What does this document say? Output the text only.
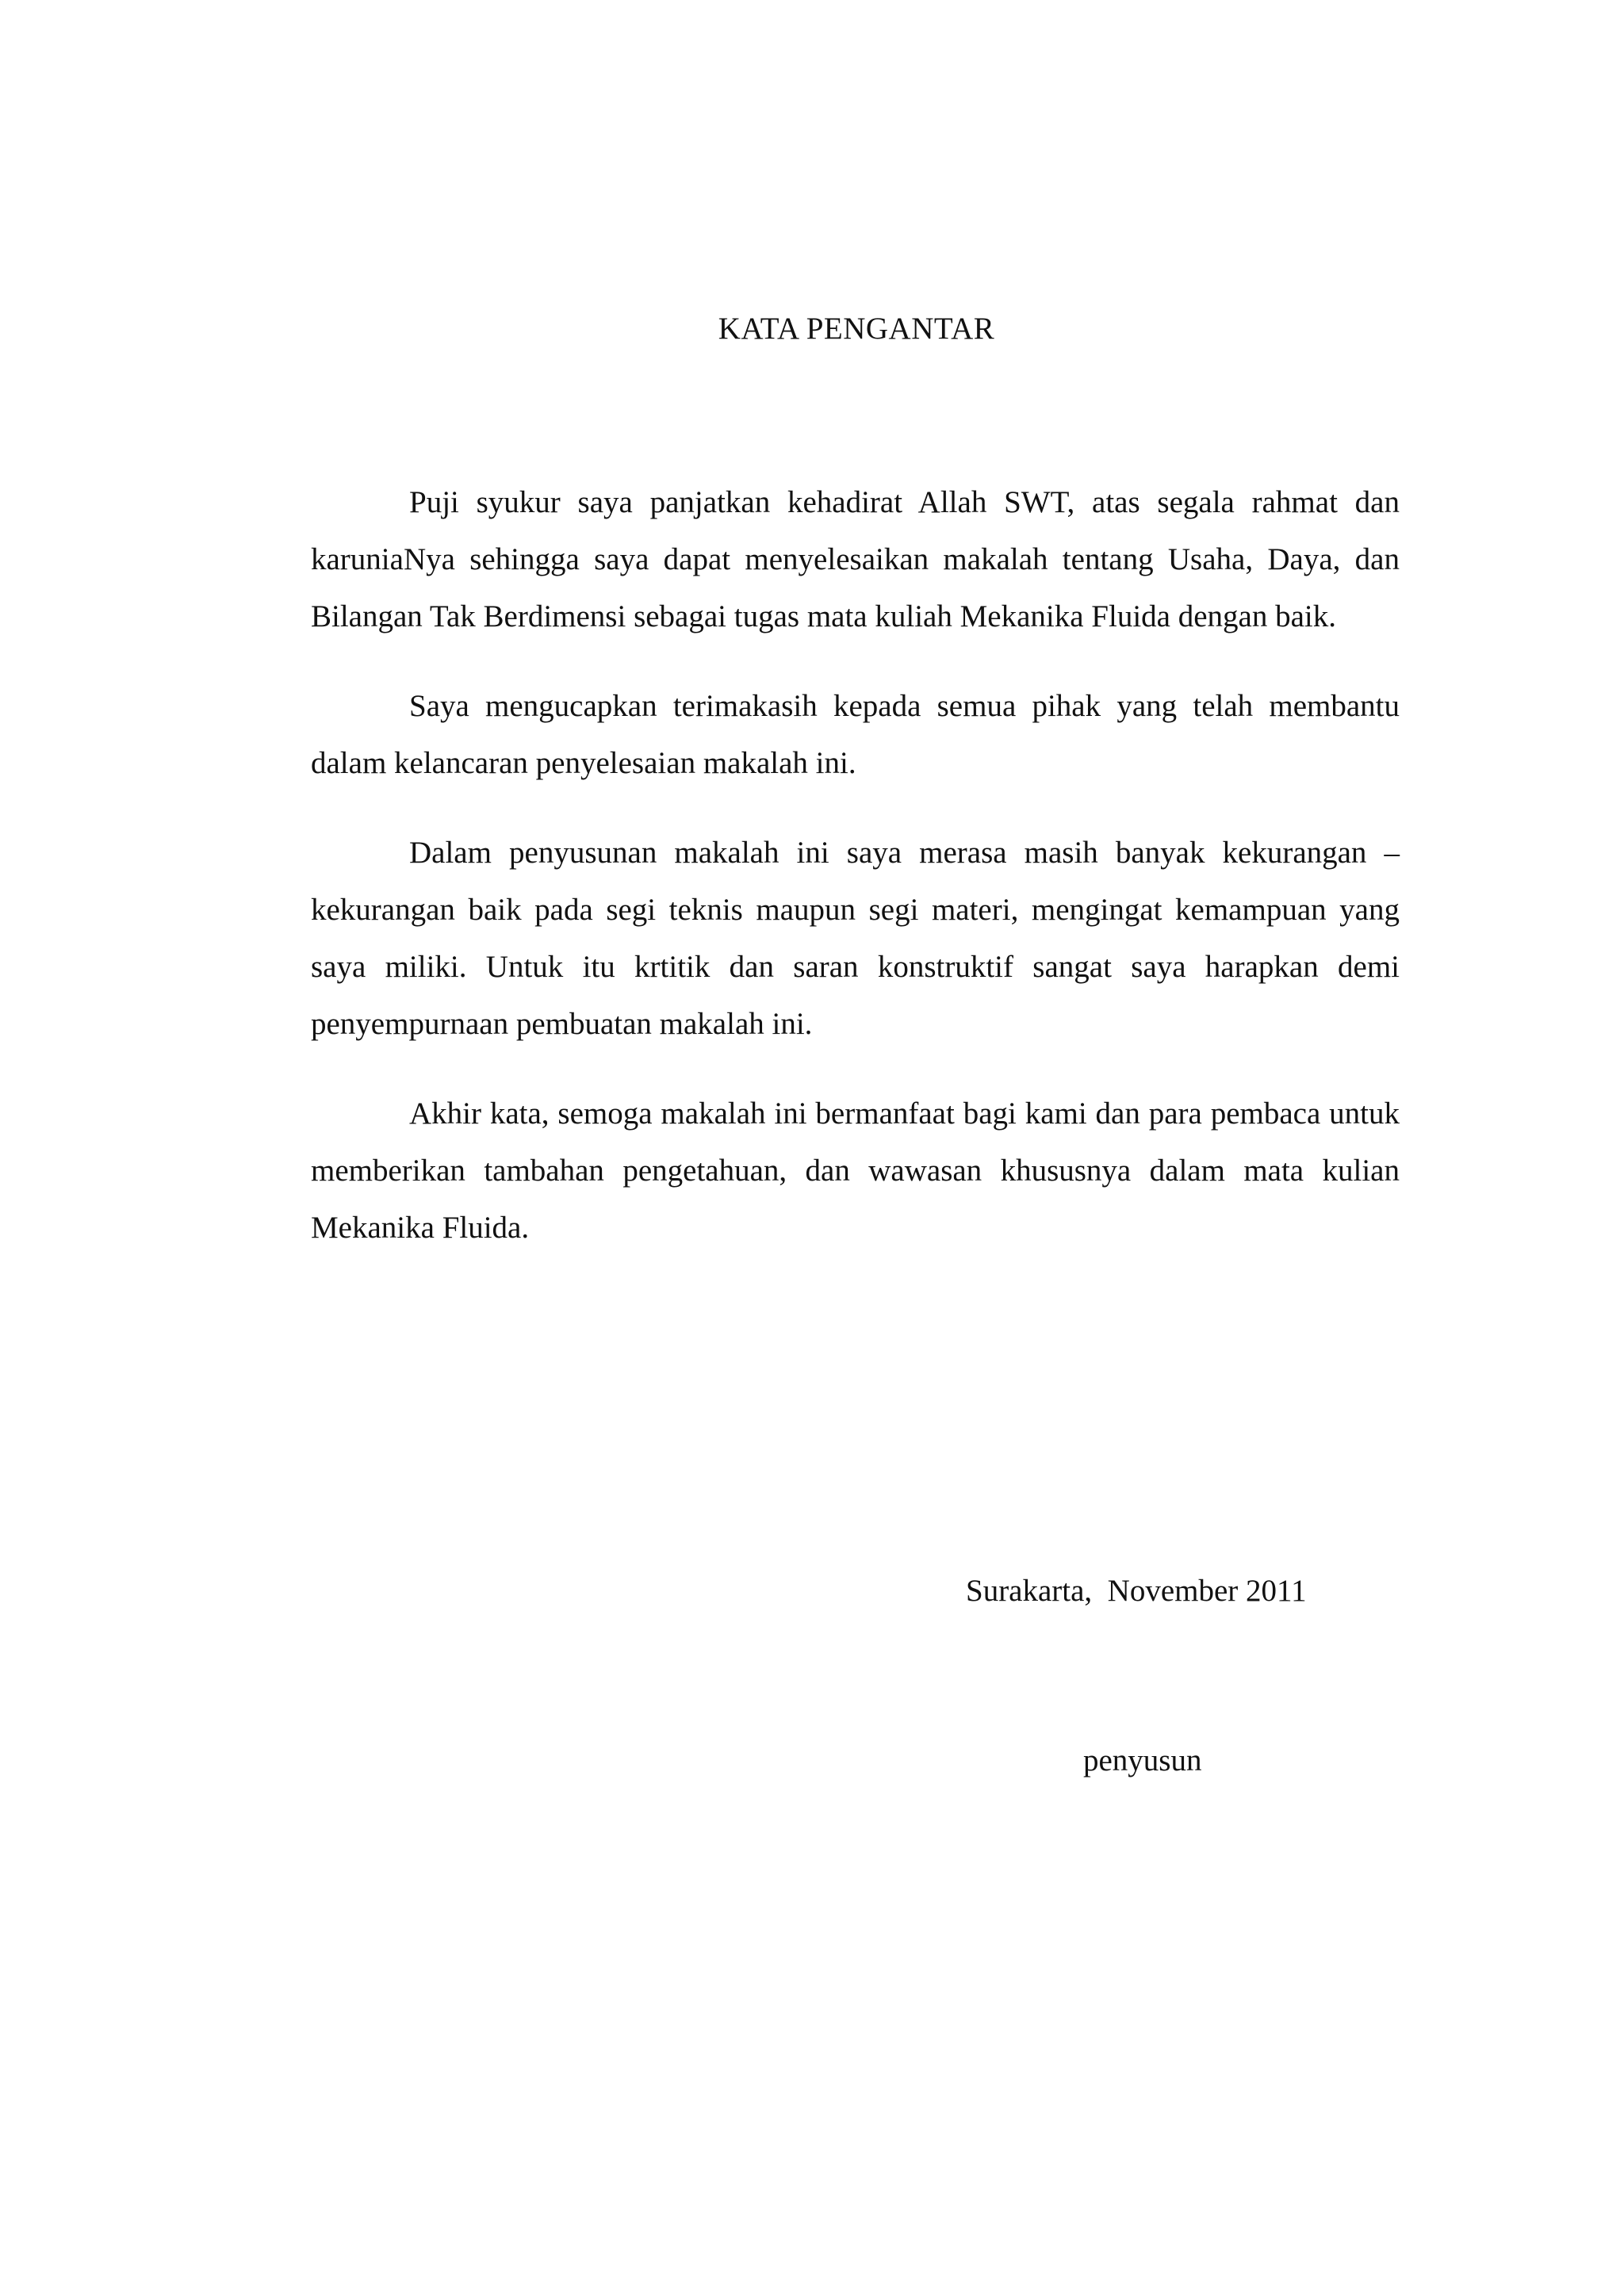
KATA PENGANTAR

Puji syukur saya panjatkan kehadirat Allah SWT, atas segala rahmat dan karuniaNya sehingga saya dapat menyelesaikan makalah tentang Usaha, Daya, dan Bilangan Tak Berdimensi sebagai tugas mata kuliah Mekanika Fluida dengan baik.

Saya mengucapkan terimakasih kepada semua pihak yang telah membantu dalam kelancaran penyelesaian makalah ini.

Dalam penyusunan makalah ini saya merasa masih banyak kekurangan – kekurangan baik pada segi teknis maupun segi materi, mengingat kemampuan yang saya miliki. Untuk itu krtitik dan saran konstruktif sangat saya harapkan demi penyempurnaan pembuatan makalah ini.

Akhir kata, semoga makalah ini bermanfaat bagi kami dan para pembaca untuk memberikan tambahan pengetahuan, dan wawasan khususnya dalam mata kulian Mekanika Fluida.

Surakarta,  November 2011

penyusun
